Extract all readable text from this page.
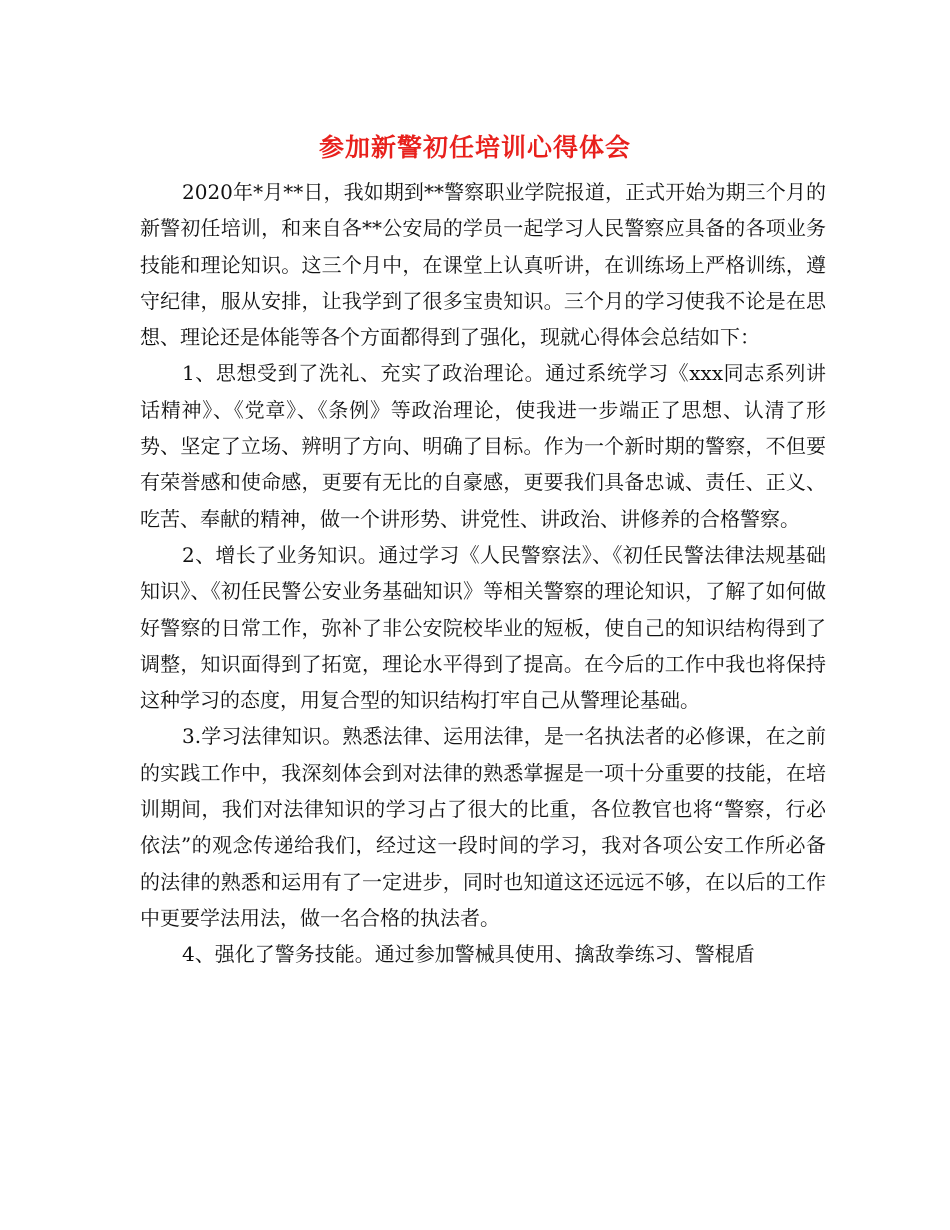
参加新警初任培训心得体会

2020年*月**日，我如期到**警察职业学院报道，正式开始为期三个月的新警初任培训，和来自各**公安局的学员一起学习人民警察应具备的各项业务技能和理论知识。这三个月中，在课堂上认真听讲，在训练场上严格训练，遵守纪律，服从安排，让我学到了很多宝贵知识。三个月的学习使我不论是在思想、理论还是体能等各个方面都得到了强化，现就心得体会总结如下：

1、思想受到了洗礼、充实了政治理论。通过系统学习《xxx同志系列讲话精神》、《党章》、《条例》等政治理论，使我进一步端正了思想、认清了形势、坚定了立场、辨明了方向、明确了目标。作为一个新时期的警察，不但要有荣誉感和使命感，更要有无比的自豪感，更要我们具备忠诚、责任、正义、吃苦、奉献的精神，做一个讲形势、讲党性、讲政治、讲修养的合格警察。

2、增长了业务知识。通过学习《人民警察法》、《初任民警法律法规基础知识》、《初任民警公安业务基础知识》等相关警察的理论知识，了解了如何做好警察的日常工作，弥补了非公安院校毕业的短板，使自己的知识结构得到了调整，知识面得到了拓宽，理论水平得到了提高。在今后的工作中我也将保持这种学习的态度，用复合型的知识结构打牢自己从警理论基础。

3.学习法律知识。熟悉法律、运用法律，是一名执法者的必修课，在之前的实践工作中，我深刻体会到对法律的熟悉掌握是一项十分重要的技能，在培训期间，我们对法律知识的学习占了很大的比重，各位教官也将“警察，行必依法”的观念传递给我们，经过这一段时间的学习，我对各项公安工作所必备的法律的熟悉和运用有了一定进步，同时也知道这还远远不够，在以后的工作中更要学法用法，做一名合格的执法者。

4、强化了警务技能。通过参加警械具使用、擒敌拳练习、警棍盾
